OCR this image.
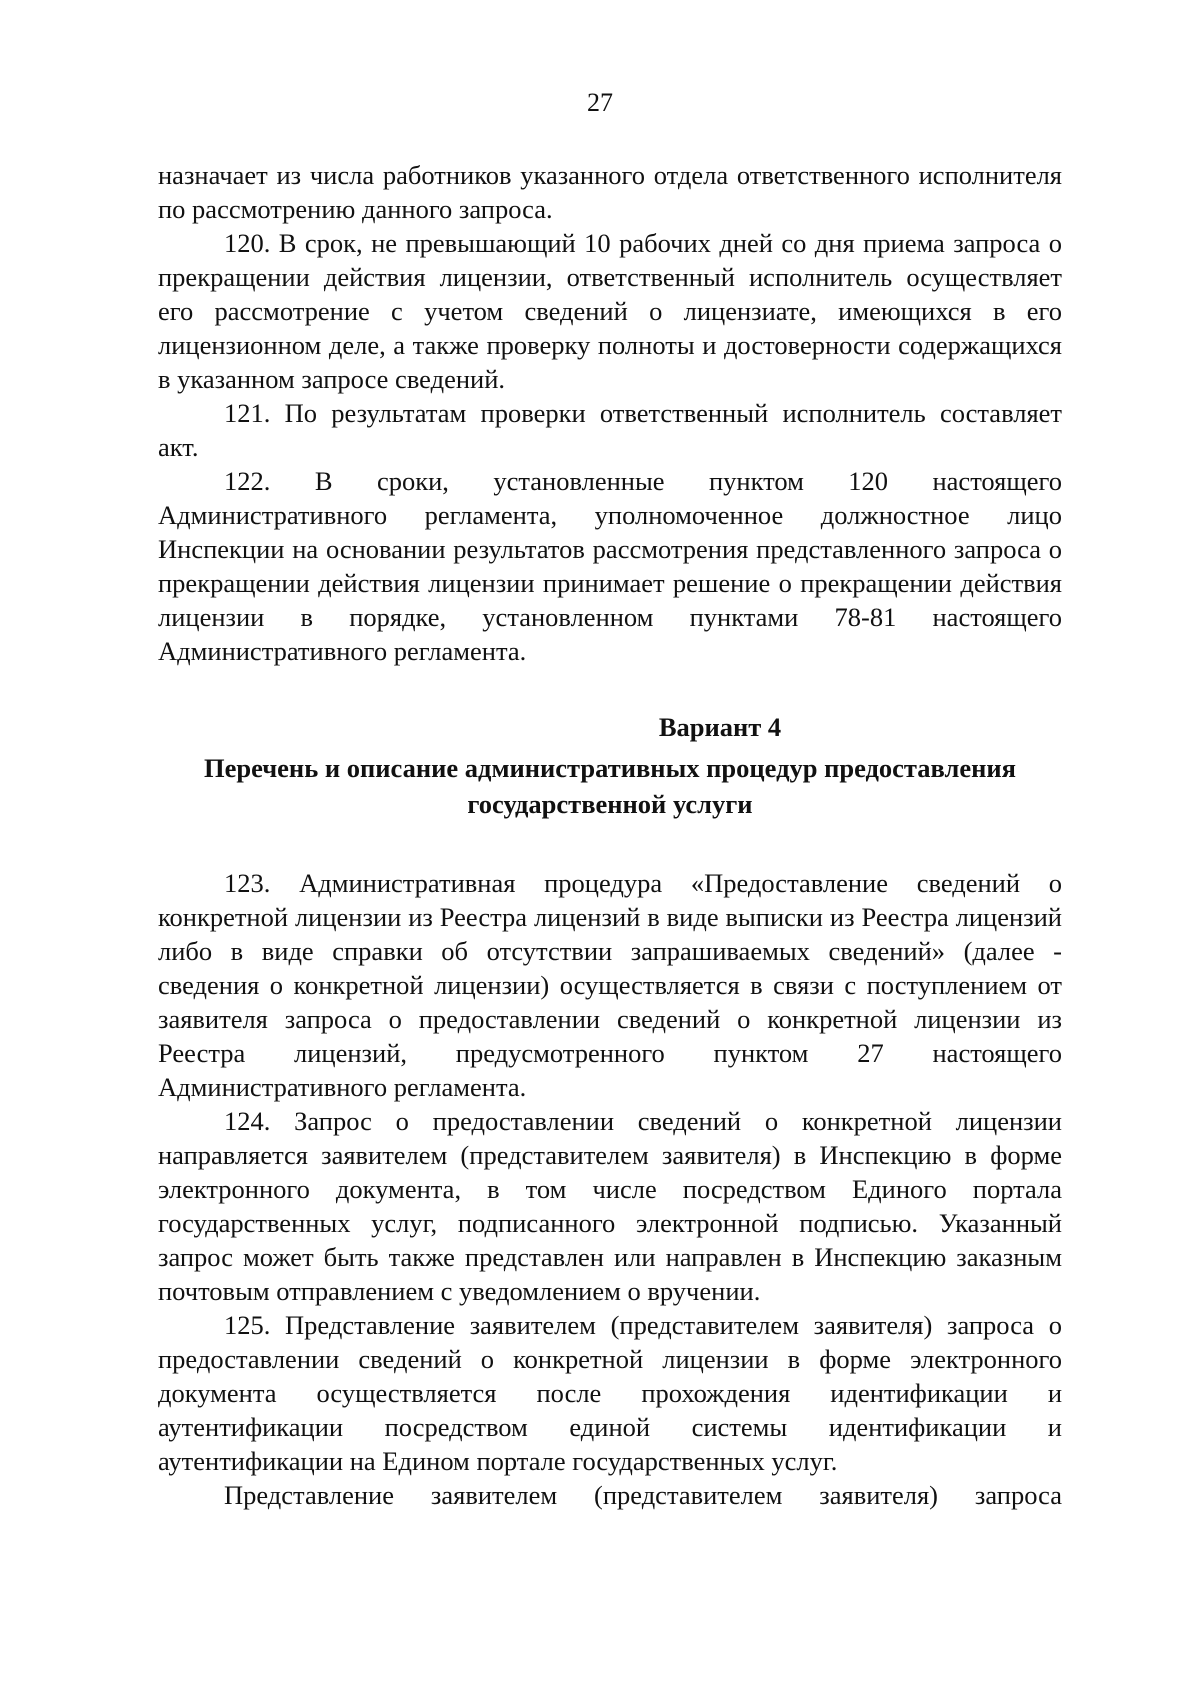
27

назначает из числа работников указанного отдела ответственного исполнителя по рассмотрению данного запроса.

120. В срок, не превышающий 10 рабочих дней со дня приема запроса о прекращении действия лицензии, ответственный исполнитель осуществляет его рассмотрение с учетом сведений о лицензиате, имеющихся в его лицензионном деле, а также проверку полноты и достоверности содержащихся в указанном запросе сведений.

121. По результатам проверки ответственный исполнитель составляет акт.

122. В сроки, установленные пунктом 120 настоящего Административного регламента, уполномоченное должностное лицо Инспекции на основании результатов рассмотрения представленного запроса о прекращении действия лицензии принимает решение о прекращении действия лицензии в порядке, установленном пунктами 78-81 настоящего Административного регламента.

Вариант 4

Перечень и описание административных процедур предоставления государственной услуги

123. Административная процедура «Предоставление сведений о конкретной лицензии из Реестра лицензий в виде выписки из Реестра лицензий либо в виде справки об отсутствии запрашиваемых сведений» (далее - сведения о конкретной лицензии) осуществляется в связи с поступлением от заявителя запроса о предоставлении сведений о конкретной лицензии из Реестра лицензий, предусмотренного пунктом 27 настоящего Административного регламента.

124. Запрос о предоставлении сведений о конкретной лицензии направляется заявителем (представителем заявителя) в Инспекцию в форме электронного документа, в том числе посредством Единого портала государственных услуг, подписанного электронной подписью. Указанный запрос может быть также представлен или направлен в Инспекцию заказным почтовым отправлением с уведомлением о вручении.

125. Представление заявителем (представителем заявителя) запроса о предоставлении сведений о конкретной лицензии в форме электронного документа осуществляется после прохождения идентификации и аутентификации посредством единой системы идентификации и аутентификации на Едином портале государственных услуг.

Представление заявителем (представителем заявителя) запроса
